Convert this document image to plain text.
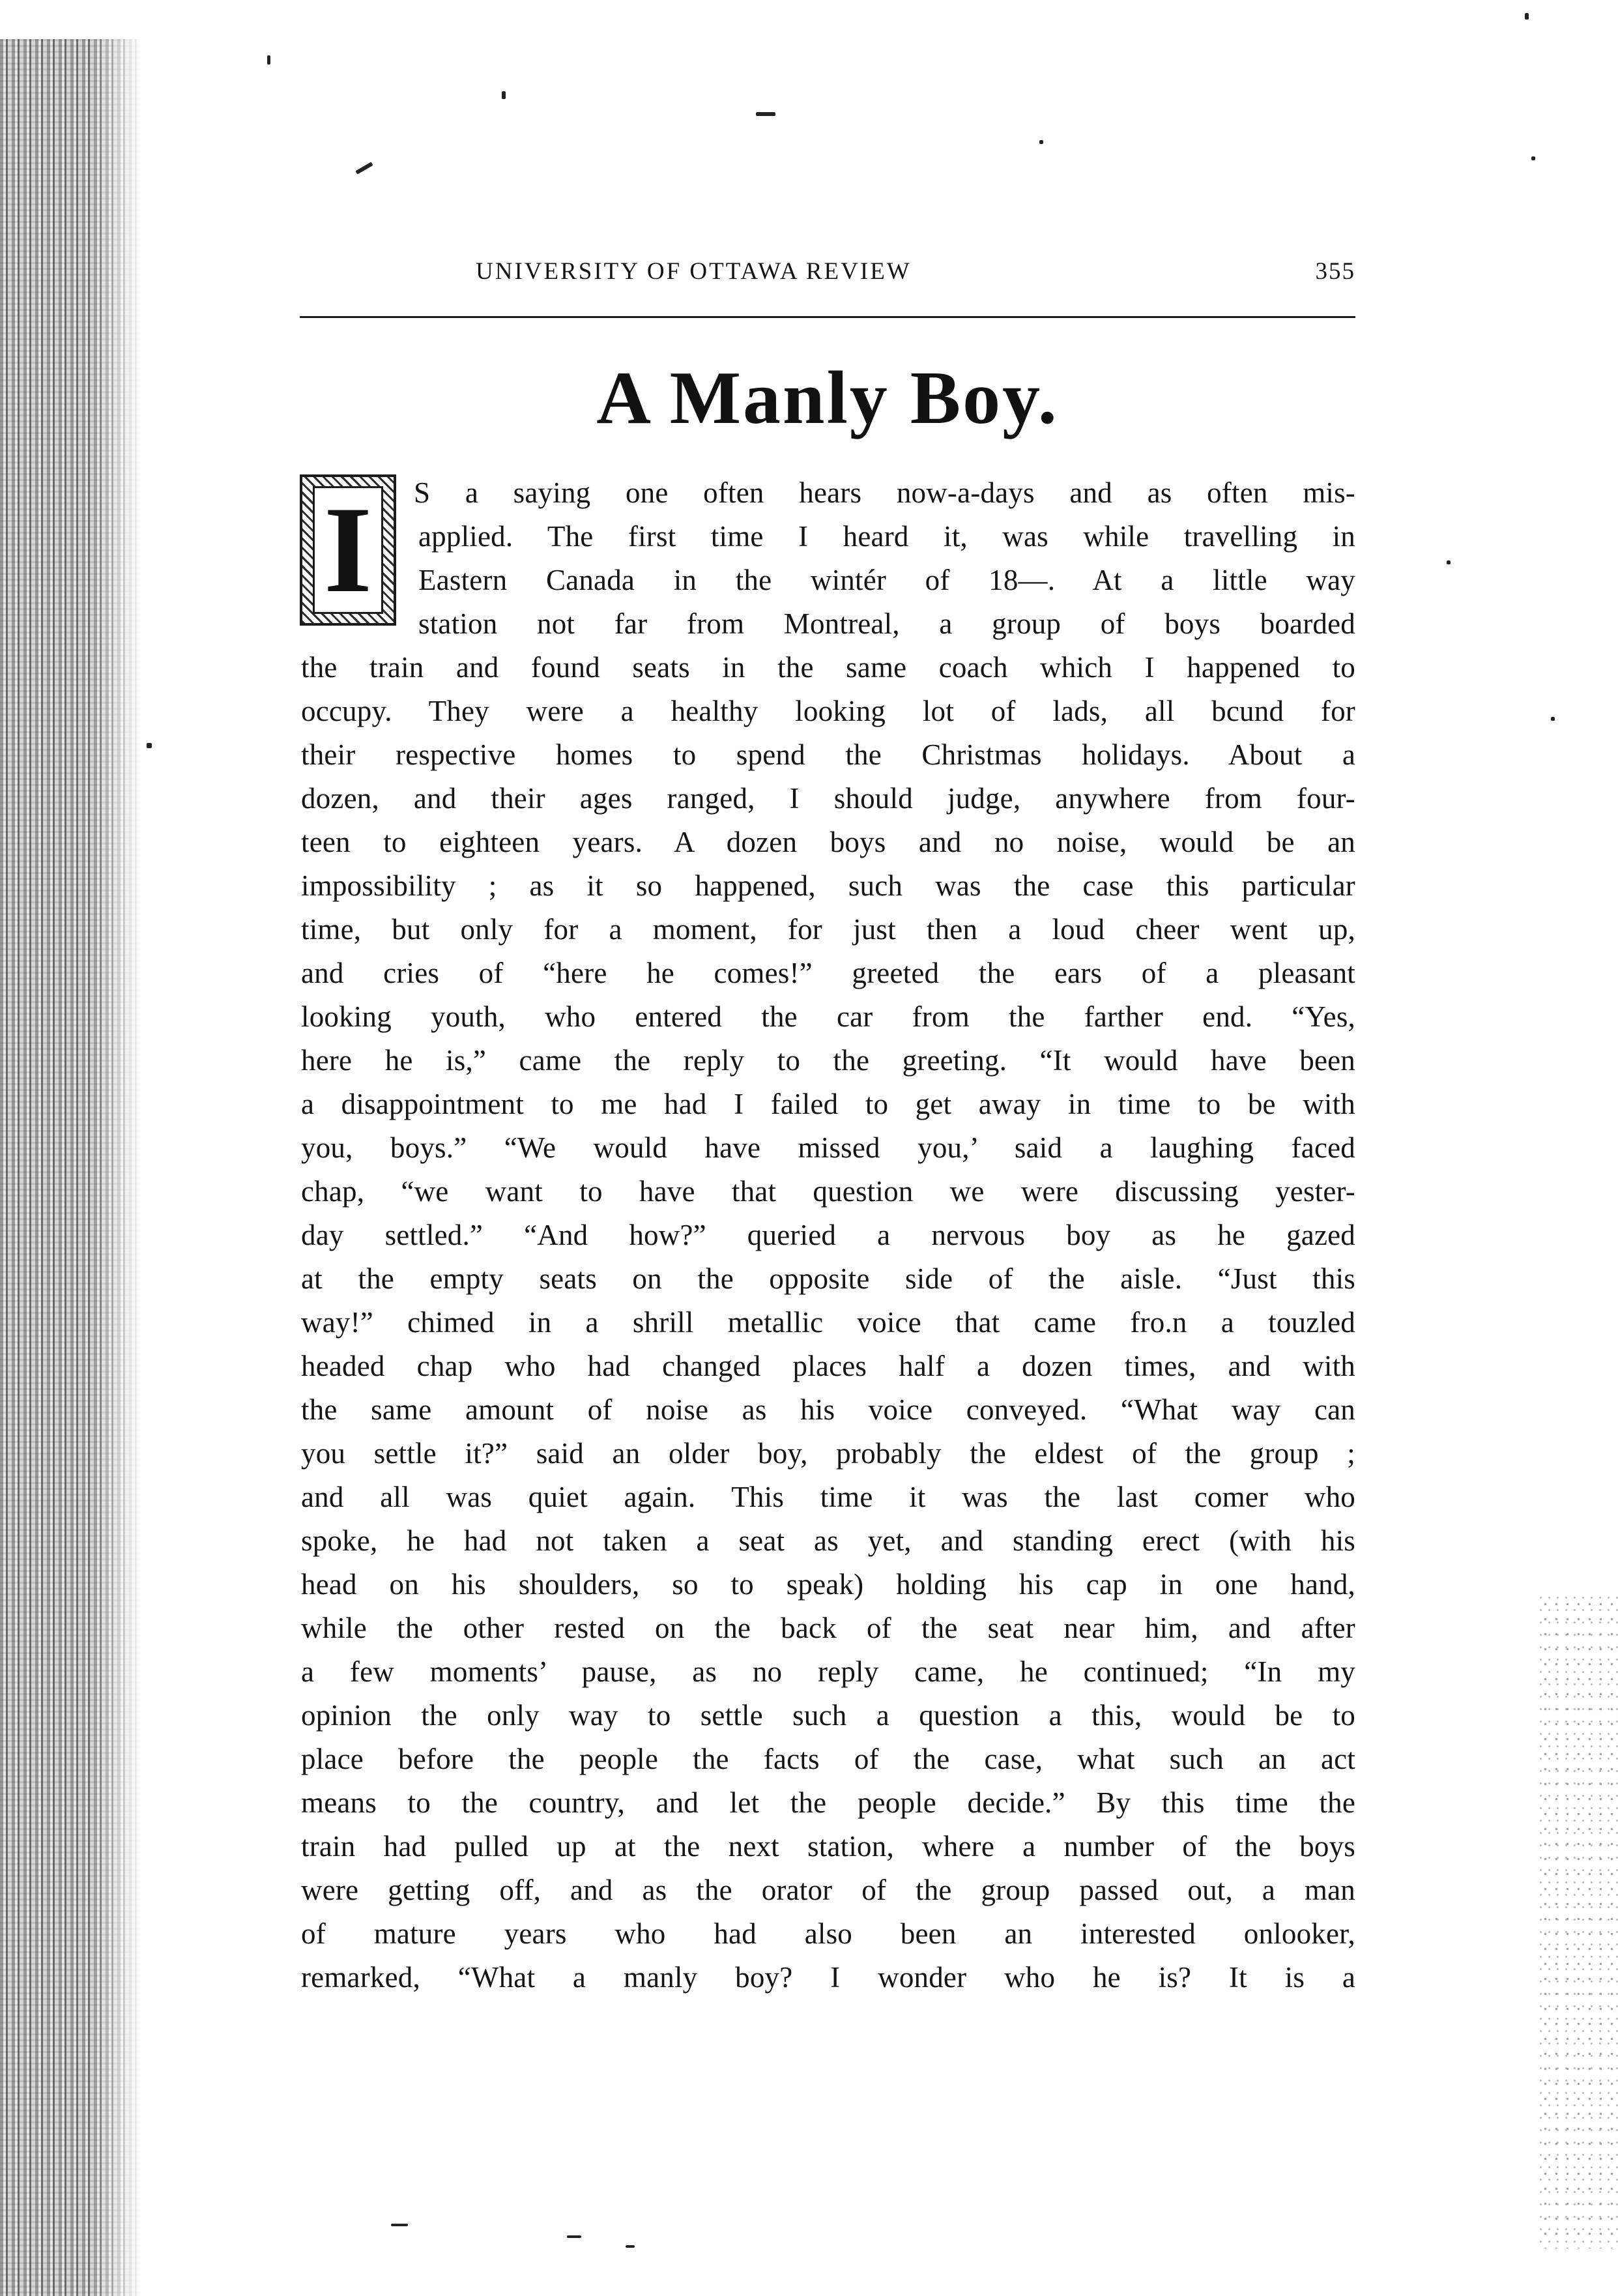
UNIVERSITY OF OTTAWA REVIEW	355
A Manly Boy.
I	S a saying one often hears now-a-days and as often mis-
applied. The first time I heard it, was while travelling in
Eastern Canada in the wintér of 18—. At a little way
station not far from Montreal, a group of boys boarded
the train and found seats in the same coach which I happened to
occupy. They were a healthy looking lot of lads, all bcund for
their respective homes to spend the Christmas holidays. About a
dozen, and their ages ranged, I should judge, anywhere from four-
teen to eighteen years. A dozen boys and no noise, would be an
impossibility ; as it so happened, such was the case this particular
time, but only for a moment, for just then a loud cheer went up,
and cries of “here he comes!” greeted the ears of a pleasant
looking youth, who entered the car from the farther end. “Yes,
here he is,” came the reply to the greeting. “It would have been
a disappointment to me had I failed to get away in time to be with
you, boys.” “We would have missed you,’ said a laughing faced
chap, “we want to have that question we were discussing yester-
day settled.” “And how?” queried a nervous boy as he gazed
at the empty seats on the opposite side of the aisle. “Just this
way!” chimed in a shrill metallic voice that came fro.n a touzled
headed chap who had changed places half a dozen times, and with
the same amount of noise as his voice conveyed. “What way can
you settle it?” said an older boy, probably the eldest of the group ;
and all was quiet again. This time it was the last comer who
spoke, he had not taken a seat as yet, and standing erect (with his
head on his shoulders, so to speak) holding his cap in one hand,
while the other rested on the back of the seat near him, and after
a few moments’ pause, as no reply came, he continued; “In my
opinion the only way to settle such a question a this, would be to
place before the people the facts of the case, what such an act
means to the country, and let the people decide.” By this time the
train had pulled up at the next station, where a number of the boys
were getting off, and as the orator of the group passed out, a man
of mature years who had also been an interested onlooker,
remarked, “What a manly boy? I wonder who he is? It is a
